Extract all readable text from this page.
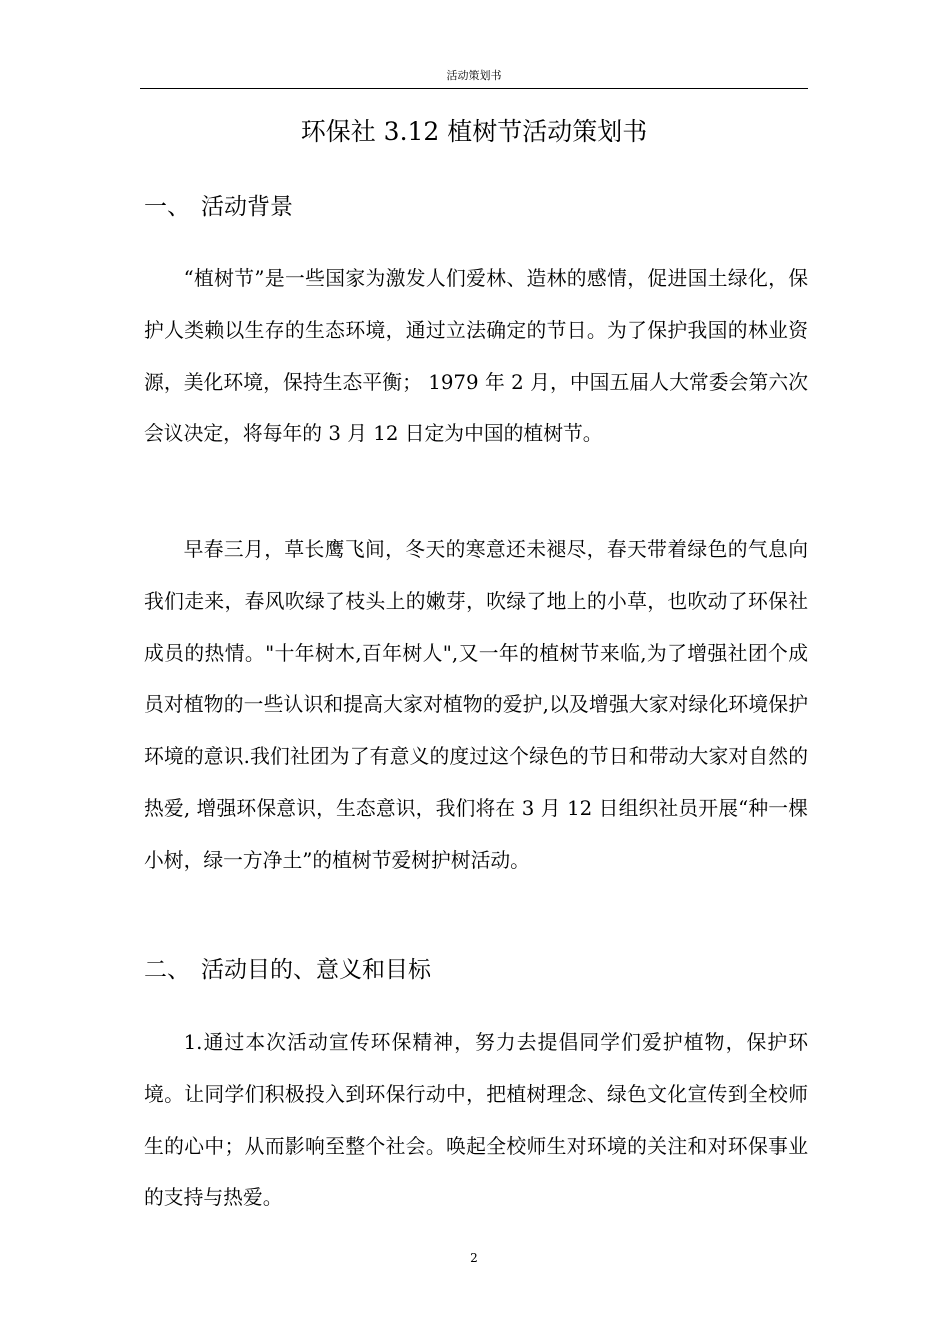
活动策划书
环保社 3.12 植树节活动策划书
一、 活动背景

“植树节”是一些国家为激发人们爱林、造林的感情，促进国土绿化，保护人类赖以生存的生态环境，通过立法确定的节日。为了保护我国的林业资源，美化环境，保持生态平衡； 1979 年 2 月，中国五届人大常委会第六次会议决定，将每年的 3 月 12 日定为中国的植树节。

早春三月，草长鹰飞间，冬天的寒意还未褪尽，春天带着绿色的气息向我们走来，春风吹绿了枝头上的嫩芽，吹绿了地上的小草，也吹动了环保社成员的热情。"十年树木,百年树人",又一年的植树节来临,为了增强社团个成员对植物的一些认识和提高大家对植物的爱护,以及增强大家对绿化环境保护环境的意识.我们社团为了有意义的度过这个绿色的节日和带动大家对自然的热爱, 增强环保意识，生态意识，我们将在 3 月 12 日组织社员开展“种一棵小树，绿一方净土”的植树节爱树护树活动。

二、 活动目的、意义和目标

1.通过本次活动宣传环保精神，努力去提倡同学们爱护植物，保护环境。让同学们积极投入到环保行动中，把植树理念、绿色文化宣传到全校师生的心中；从而影响至整个社会。唤起全校师生对环境的关注和对环保事业的支持与热爱。

2
